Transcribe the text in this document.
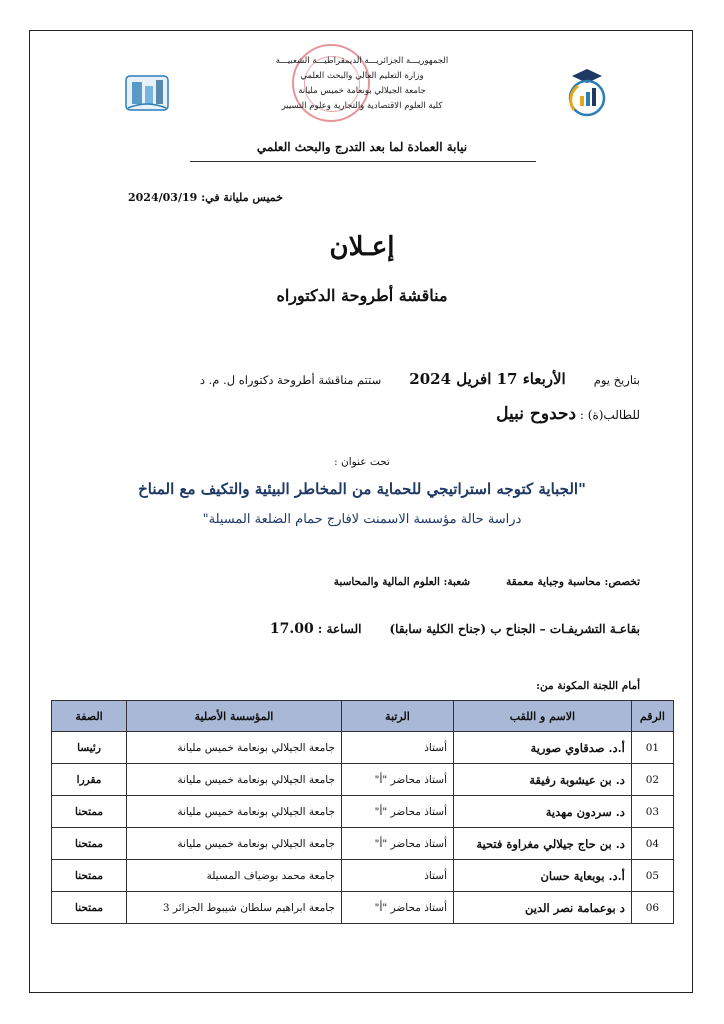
الجمهوريـــة الجزائريـــة الديمقراطيـــة الشعبيـــة
وزارة التعليم العالي والبحث العلمي
جامعة الجيلالي بونعامة خميس مليانة
كلية العلوم الاقتصادية والتجارية وعلوم التسيير
نيابة العمادة لما بعد التدرج والبحث العلمي
خميس مليانة في: 2024/03/19
إعـلان
مناقشة أطروحة الدكتوراه
بتاريخ يومالأربعاء 17 افريل 2024ستتم مناقشة أطروحة دكتوراه ل. م. د
للطالب(ة) : دحدوح نبيل
تحت عنوان :
"الجباية كتوجه استراتيجي للحماية من المخاطر البيئية والتكيف مع المناخ
دراسة حالة مؤسسة الاسمنت لافارج حمام الضلعة المسيلة"
تخصص: محاسبة وجباية معمقةشعبة: العلوم المالية والمحاسبة
بقاعـة التشريفـات – الجناح ب (جناح الكلية سابقا)الساعة : 17.00
أمام اللجنة المكونة من:
الرقم	الاسم و اللقب	الرتبة	المؤسسة الأصلية	الصفة
01	أ.د. صدقاوي صورية	أستاذ	جامعة الجيلالي بونعامة خميس مليانة	رئيسا
02	د. بن عيشوبة رفيقة	أستاذ محاضر "أ"	جامعة الجيلالي بونعامة خميس مليانة	مقررا
03	د. سردون مهدية	أستاذ محاضر "أ"	جامعة الجيلالي بونعامة خميس مليانة	ممتحنا
04	د. بن حاج جيلالي مغراوة فتحية	أستاذ محاضر "أ"	جامعة الجيلالي بونعامة خميس مليانة	ممتحنا
05	أ.د. بوبعاية حسان	أستاذ	جامعة محمد بوضياف المسيلة	ممتحنا
06	د بوعمامة نصر الدين	أستاذ محاضر "أ"	جامعة ابراهيم سلطان شيبوط الجزائر 3	ممتحنا
